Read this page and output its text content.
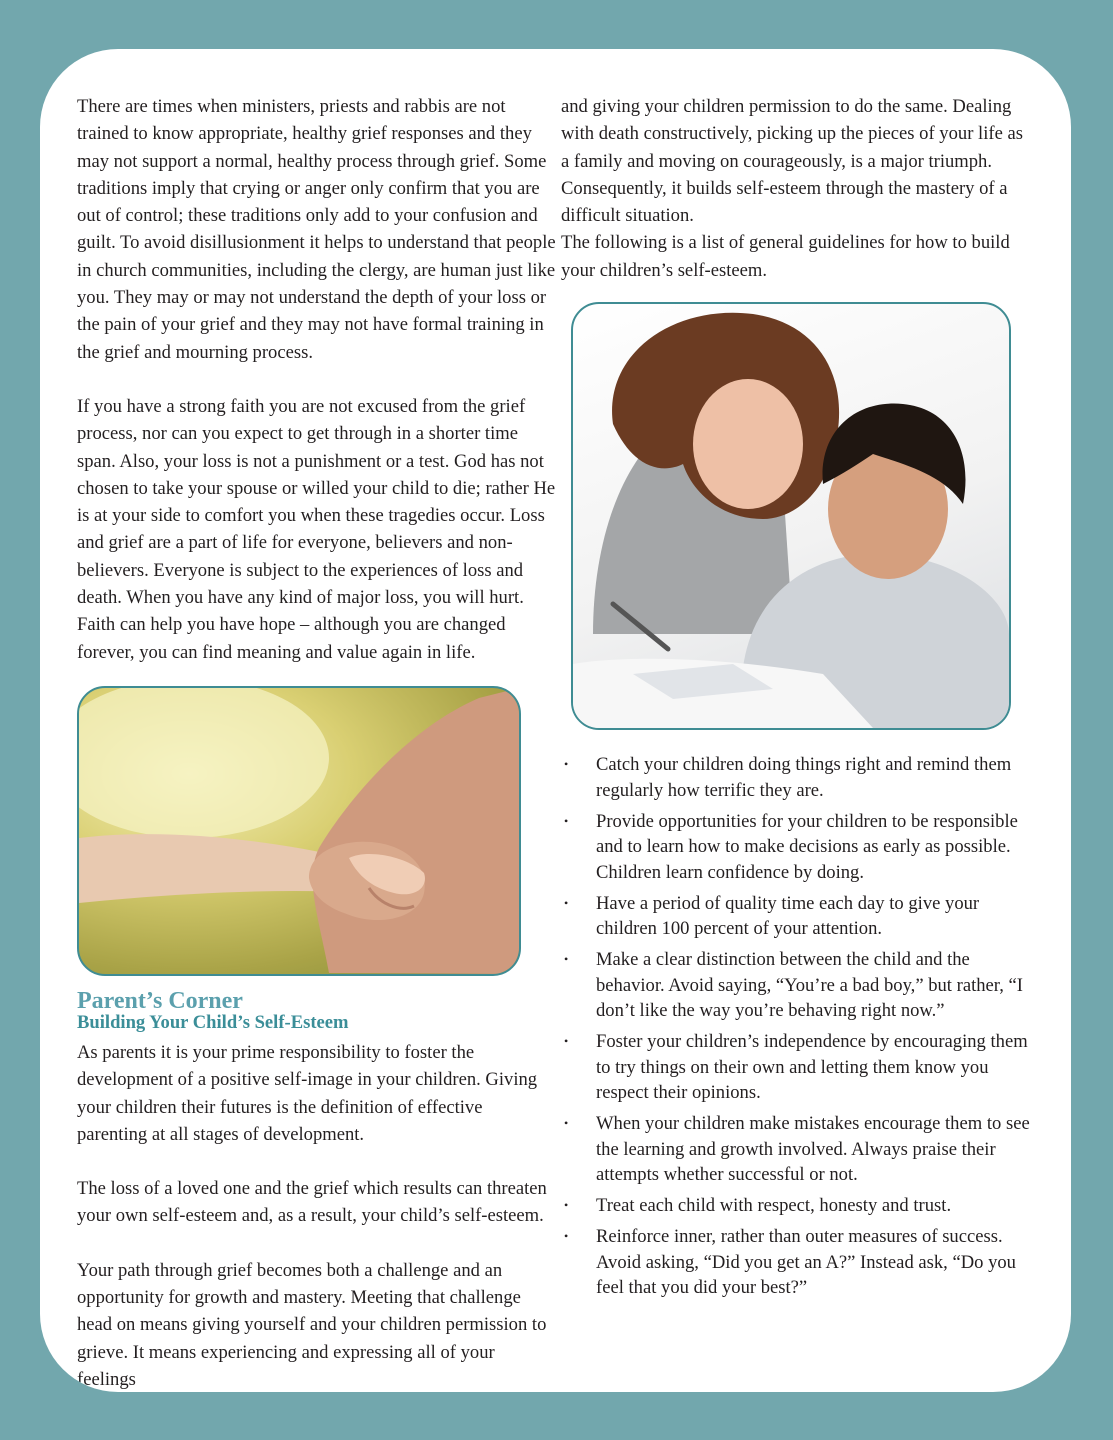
There are times when ministers, priests and rabbis are not trained to know appropriate, healthy grief responses and they may not support a normal, healthy process through grief. Some traditions imply that crying or anger only confirm that you are out of control; these traditions only add to your confusion and guilt. To avoid disillusionment it helps to understand that people in church communities, including the clergy, are human just like you. They may or may not understand the depth of your loss or the pain of your grief and they may not have formal training in the grief and mourning process.

If you have a strong faith you are not excused from the grief process, nor can you expect to get through in a shorter time span. Also, your loss is not a punishment or a test. God has not chosen to take your spouse or willed your child to die; rather He is at your side to comfort you when these tragedies occur. Loss and grief are a part of life for everyone, believers and non-believers. Everyone is subject to the experiences of loss and death. When you have any kind of major loss, you will hurt. Faith can help you have hope – although you are changed forever, you can find meaning and value again in life.

Parent’s Corner
Building Your Child’s Self-Esteem

As parents it is your prime responsibility to foster the development of a positive self-image in your children. Giving your children their futures is the definition of effective parenting at all stages of development.

The loss of a loved one and the grief which results can threaten your own self-esteem and, as a result, your child’s self-esteem.

Your path through grief becomes both a challenge and an opportunity for growth and mastery. Meeting that challenge head on means giving yourself and your children permission to grieve. It means experiencing and expressing all of your feelings

and giving your children permission to do the same. Dealing with death constructively, picking up the pieces of your life as a family and moving on courageously, is a major triumph. Consequently, it builds self-esteem through the mastery of a difficult situation.

The following is a list of general guidelines for how to build your children’s self-esteem.

• Catch your children doing things right and remind them regularly how terrific they are.
• Provide opportunities for your children to be responsible and to learn how to make decisions as early as possible. Children learn confidence by doing.
• Have a period of quality time each day to give your children 100 percent of your attention.
• Make a clear distinction between the child and the behavior. Avoid saying, “You’re a bad boy,” but rather, “I don’t like the way you’re behaving right now.”
• Foster your children’s independence by encouraging them to try things on their own and letting them know you respect their opinions.
• When your children make mistakes encourage them to see the learning and growth involved. Always praise their attempts whether successful or not.
• Treat each child with respect, honesty and trust.
• Reinforce inner, rather than outer measures of success. Avoid asking, “Did you get an A?” Instead ask, “Do you feel that you did your best?”
